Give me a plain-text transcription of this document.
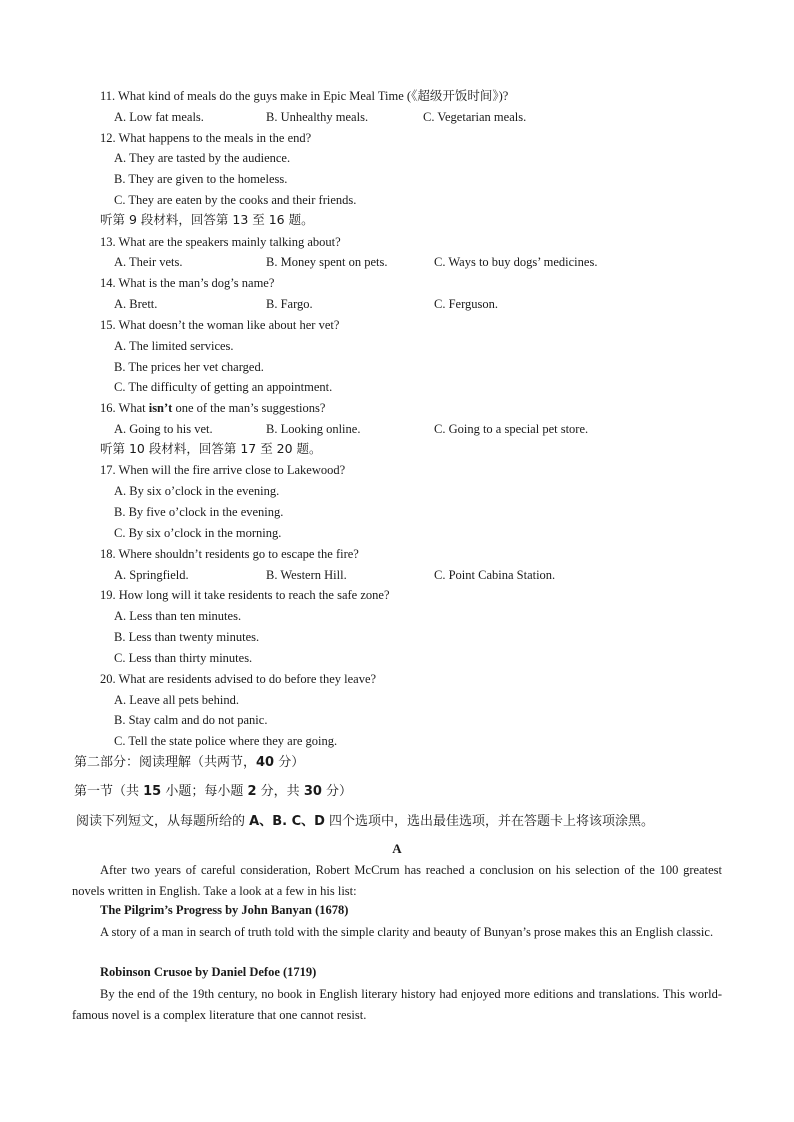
11. What kind of meals do the guys make in Epic Meal Time (《超级开饭时间》)?
A. Low fat meals.	B. Unhealthy meals.	C. Vegetarian meals.
12. What happens to the meals in the end?
A. They are tasted by the audience.
B. They are given to the homeless.
C. They are eaten by the cooks and their friends.
听第 9 段材料，回答第 13 至 16 题。
13. What are the speakers mainly talking about?
A. Their vets.	B. Money spent on pets.	C. Ways to buy dogs’ medicines.
14. What is the man’s dog’s name?
A. Brett.	B. Fargo.	C. Ferguson.
15. What doesn’t the woman like about her vet?
A. The limited services.
B. The prices her vet charged.
C. The difficulty of getting an appointment.
16. What isn’t one of the man’s suggestions?
A. Going to his vet.	B. Looking online.	C. Going to a special pet store.
听第 10 段材料，回答第 17 至 20 题。
17. When will the fire arrive close to Lakewood?
A. By six o’clock in the evening.
B. By five o’clock in the evening.
C. By six o’clock in the morning.
18. Where shouldn’t residents go to escape the fire?
A. Springfield.	B. Western Hill.	C. Point Cabina Station.
19. How long will it take residents to reach the safe zone?
A. Less than ten minutes.
B. Less than twenty minutes.
C. Less than thirty minutes.
20. What are residents advised to do before they leave?
A. Leave all pets behind.
B. Stay calm and do not panic.
C. Tell the state police where they are going.
第二部分：阅读理解（共两节，40 分）
第一节（共 15 小题；每小题 2 分，共 30 分）
阅读下列短文，从每题所给的 A、B. C、D 四个选项中，选出最佳选项，并在答题卡上将该项涂黑。
A
After two years of careful consideration, Robert McCrum has reached a conclusion on his selection of the 100 greatest novels written in English. Take a look at a few in his list:
The Pilgrim’s Progress by John Banyan (1678)
A story of a man in search of truth told with the simple clarity and beauty of Bunyan’s prose makes this an English classic.
Robinson Crusoe by Daniel Defoe (1719)
By the end of the 19th century, no book in English literary history had enjoyed more editions and translations. This world-famous novel is a complex literature that one cannot resist.
